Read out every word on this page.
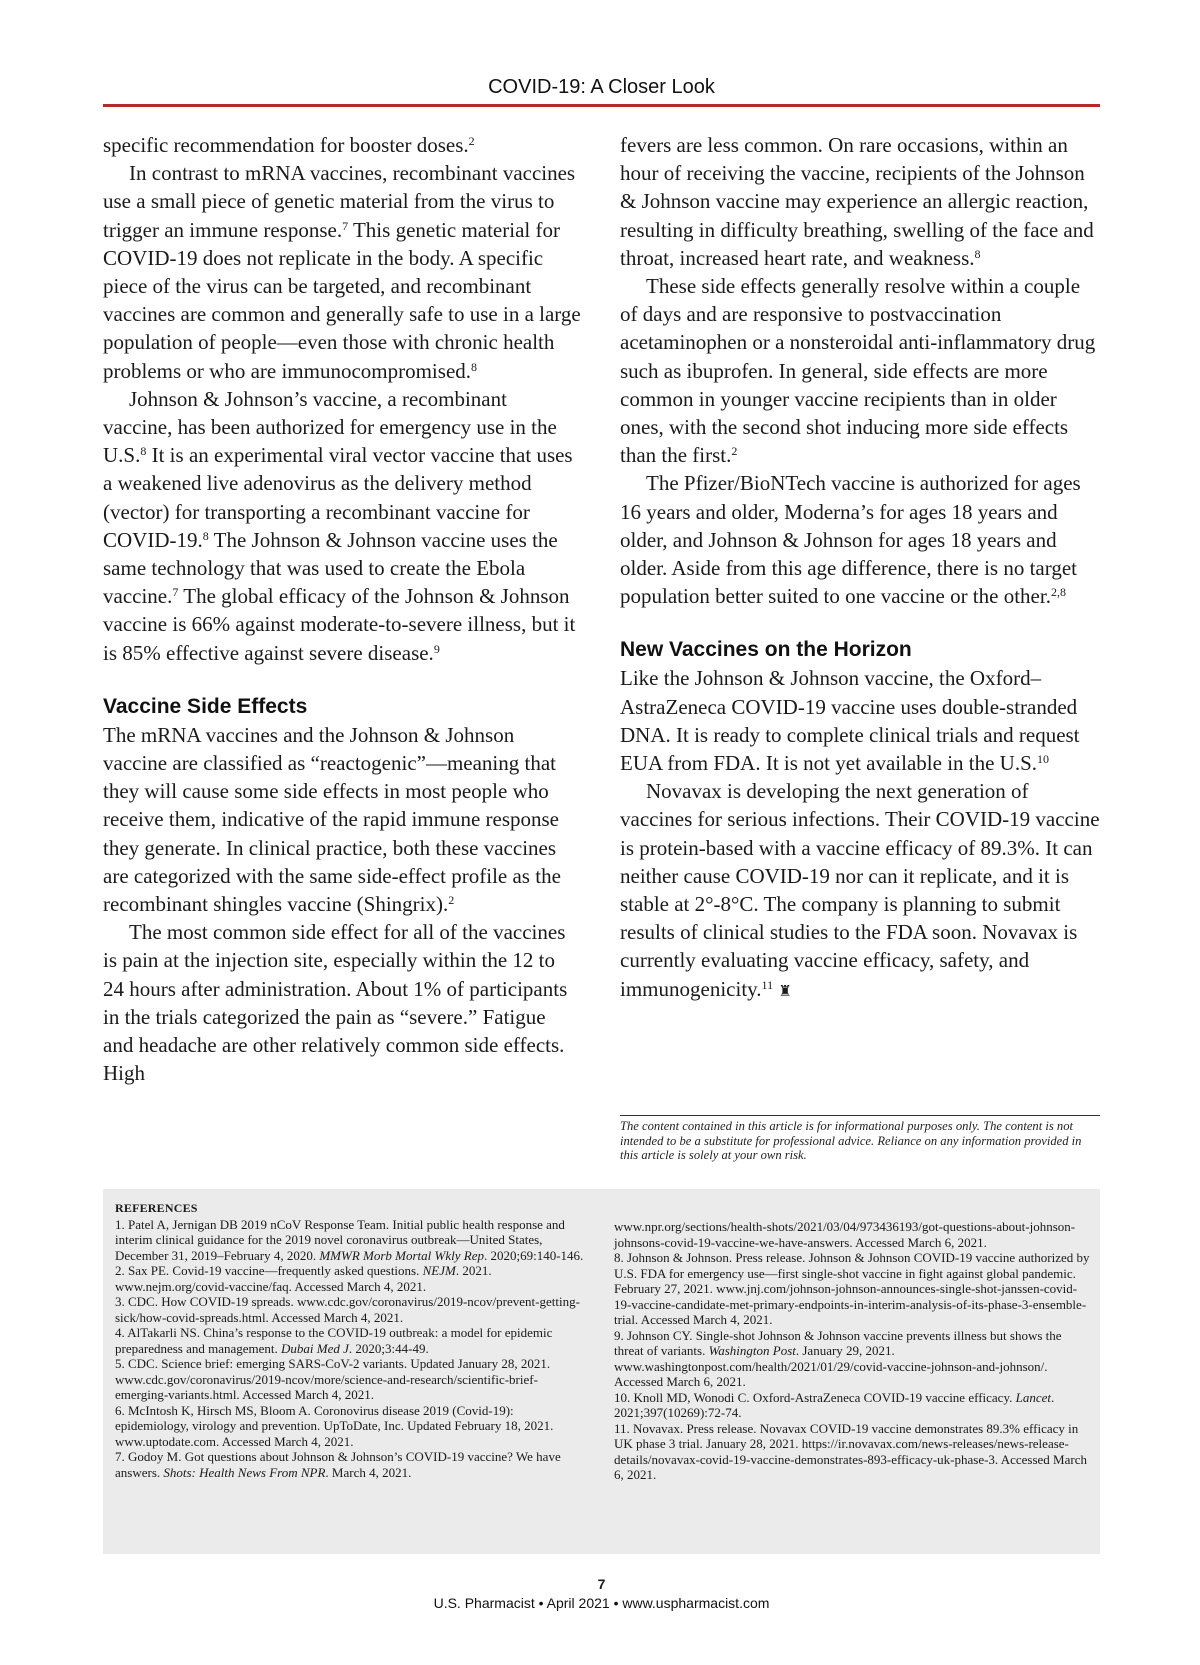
COVID-19: A Closer Look

specific recommendation for booster doses.$^2$

In contrast to mRNA vaccines, recombinant vaccines use a small piece of genetic material from the virus to trigger an immune response.$^7$ This genetic material for COVID-19 does not replicate in the body. A specific piece of the virus can be targeted, and recombinant vaccines are common and generally safe to use in a large population of people—even those with chronic health problems or who are immunocompromised.$^8$

Johnson & Johnson’s vaccine, a recombinant vaccine, has been authorized for emergency use in the U.S.$^8$ It is an experimental viral vector vaccine that uses a weakened live adenovirus as the delivery method (vector) for transporting a recombinant vaccine for COVID-19.$^8$ The Johnson & Johnson vaccine uses the same technology that was used to create the Ebola vaccine.$^7$ The global efficacy of the Johnson & Johnson vaccine is 66% against moderate-to-severe illness, but it is 85% effective against severe disease.$^9$

Vaccine Side Effects

The mRNA vaccines and the Johnson & Johnson vaccine are classified as “reactogenic”—meaning that they will cause some side effects in most people who receive them, indicative of the rapid immune response they generate. In clinical practice, both these vaccines are categorized with the same side-effect profile as the recombinant shingles vaccine (Shingrix).$^2$

The most common side effect for all of the vaccines is pain at the injection site, especially within the 12 to 24 hours after administration. About 1% of participants in the trials categorized the pain as “severe.” Fatigue and headache are other relatively common side effects. High

fevers are less common. On rare occasions, within an hour of receiving the vaccine, recipients of the Johnson & Johnson vaccine may experience an allergic reaction, resulting in difficulty breathing, swelling of the face and throat, increased heart rate, and weakness.$^8$

These side effects generally resolve within a couple of days and are responsive to postvaccination acetaminophen or a nonsteroidal anti-inflammatory drug such as ibuprofen. In general, side effects are more common in younger vaccine recipients than in older ones, with the second shot inducing more side effects than the first.$^2$

The Pfizer/BioNTech vaccine is authorized for ages 16 years and older, Moderna’s for ages 18 years and older, and Johnson & Johnson for ages 18 years and older. Aside from this age difference, there is no target population better suited to one vaccine or the other.$^{2,8}$

New Vaccines on the Horizon

Like the Johnson & Johnson vaccine, the Oxford–AstraZeneca COVID-19 vaccine uses double-stranded DNA. It is ready to complete clinical trials and request EUA from FDA. It is not yet available in the U.S.$^{10}$

Novavax is developing the next generation of vaccines for serious infections. Their COVID-19 vaccine is protein-based with a vaccine efficacy of 89.3%. It can neither cause COVID-19 nor can it replicate, and it is stable at 2°-8°C. The company is planning to submit results of clinical studies to the FDA soon. Novavax is currently evaluating vaccine efficacy, safety, and immunogenicity.$^{11}$ ♜

The content contained in this article is for informational purposes only. The content is not intended to be a substitute for professional advice. Reliance on any information provided in this article is solely at your own risk.
REFERENCES

1. Patel A, Jernigan DB 2019 nCoV Response Team. Initial public health response and interim clinical guidance for the 2019 novel coronavirus outbreak—United States, December 31, 2019–February 4, 2020. MMWR Morb Mortal Wkly Rep. 2020;69:140-146.

2. Sax PE. Covid-19 vaccine—frequently asked questions. NEJM. 2021. www.nejm.org/covid-vaccine/faq. Accessed March 4, 2021.

3. CDC. How COVID-19 spreads. www.cdc.gov/coronavirus/2019-ncov/prevent-getting-sick/how-covid-spreads.html. Accessed March 4, 2021.

4. AlTakarli NS. China’s response to the COVID-19 outbreak: a model for epidemic preparedness and management. Dubai Med J. 2020;3:44-49.

5. CDC. Science brief: emerging SARS-CoV-2 variants. Updated January 28, 2021. www.cdc.gov/coronavirus/2019-ncov/more/science-and-research/scientific-brief-emerging-variants.html. Accessed March 4, 2021.

6. McIntosh K, Hirsch MS, Bloom A. Coronovirus disease 2019 (Covid-19): epidemiology, virology and prevention. UpToDate, Inc. Updated February 18, 2021. www.uptodate.com. Accessed March 4, 2021.

7. Godoy M. Got questions about Johnson & Johnson’s COVID-19 vaccine? We have answers. Shots: Health News From NPR. March 4, 2021.

www.npr.org/sections/health-shots/2021/03/04/973436193/got-questions-about-johnson-johnsons-covid-19-vaccine-we-have-answers. Accessed March 6, 2021.

8. Johnson & Johnson. Press release. Johnson & Johnson COVID-19 vaccine authorized by U.S. FDA for emergency use—first single-shot vaccine in fight against global pandemic. February 27, 2021. www.jnj.com/johnson-johnson-announces-single-shot-janssen-covid-19-vaccine-candidate-met-primary-endpoints-in-interim-analysis-of-its-phase-3-ensemble-trial. Accessed March 4, 2021.

9. Johnson CY. Single-shot Johnson & Johnson vaccine prevents illness but shows the threat of variants. Washington Post. January 29, 2021. www.washingtonpost.com/health/2021/01/29/covid-vaccine-johnson-and-johnson/. Accessed March 6, 2021.

10. Knoll MD, Wonodi C. Oxford-AstraZeneca COVID-19 vaccine efficacy. Lancet. 2021;397(10269):72-74.

11. Novavax. Press release. Novavax COVID-19 vaccine demonstrates 89.3% efficacy in UK phase 3 trial. January 28, 2021. https://ir.novavax.com/news-releases/news-release-details/novavax-covid-19-vaccine-demonstrates-893-efficacy-uk-phase-3. Accessed March 6, 2021.

7
U.S. Pharmacist • April 2021 • www.uspharmacist.com
